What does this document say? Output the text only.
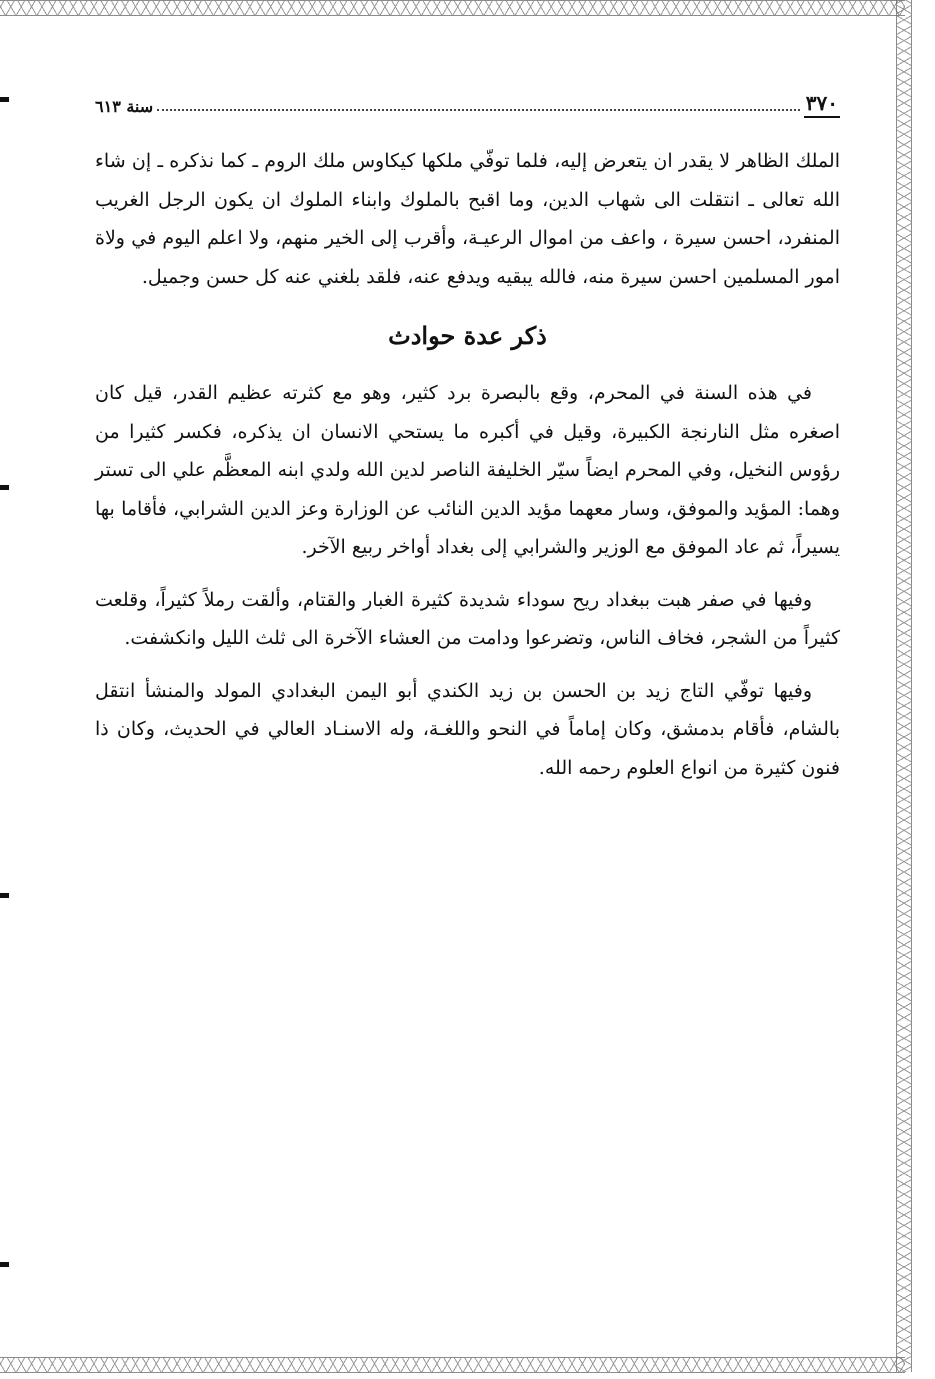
٣٧٠
سنة ٦١٣

الملك الظاهر لا يقدر ان يتعرض إليه، فلما توفّي ملكها كيكاوس ملك الروم ـ كما نذكره ـ إن شاء الله تعالى ـ انتقلت الى شهاب الدين، وما اقبح بالملوك وابناء الملوك ان يكون الرجل الغريب المنفرد، احسن سيرة ، واعف من اموال الرعيـة، وأقرب إلى الخير منهم، ولا اعلم اليوم في ولاة امور المسلمين احسن سيرة منه، فالله يبقيه ويدفع عنه، فلقد بلغني عنه كل حسن وجميل.

ذكر عدة حوادث

في هذه السنة في المحرم، وقع بالبصرة برد كثير، وهو مع كثرته عظيم القدر، قيل كان اصغره مثل النارنجة الكبيرة، وقيل في أكبره ما يستحي الانسان ان يذكره، فكسر كثيرا من رؤوس النخيل، وفي المحرم ايضاً سيّر الخليفة الناصر لدين الله ولدي ابنه المعظَّم علي الى تستر وهما: المؤيد والموفق، وسار معهما مؤيد الدين النائب عن الوزارة وعز الدين الشرابي، فأقاما بها يسيراً، ثم عاد الموفق مع الوزير والشرابي إلى بغداد أواخر ربيع الآخر.

وفيها في صفر هبت ببغداد ريح سوداء شديدة كثيرة الغبار والقتام، وألقت رملاً كثيراً، وقلعت كثيراً من الشجر، فخاف الناس، وتضرعوا ودامت من العشاء الآخرة الى ثلث الليل وانكشفت.

وفيها توفّي التاج زيد بن الحسن بن زيد الكندي أبو اليمن البغدادي المولد والمنشأ انتقل بالشام، فأقام بدمشق، وكان إماماً في النحو واللغـة، وله الاسنـاد العالي في الحديث، وكان ذا فنون كثيرة من انواع العلوم رحمه الله.
